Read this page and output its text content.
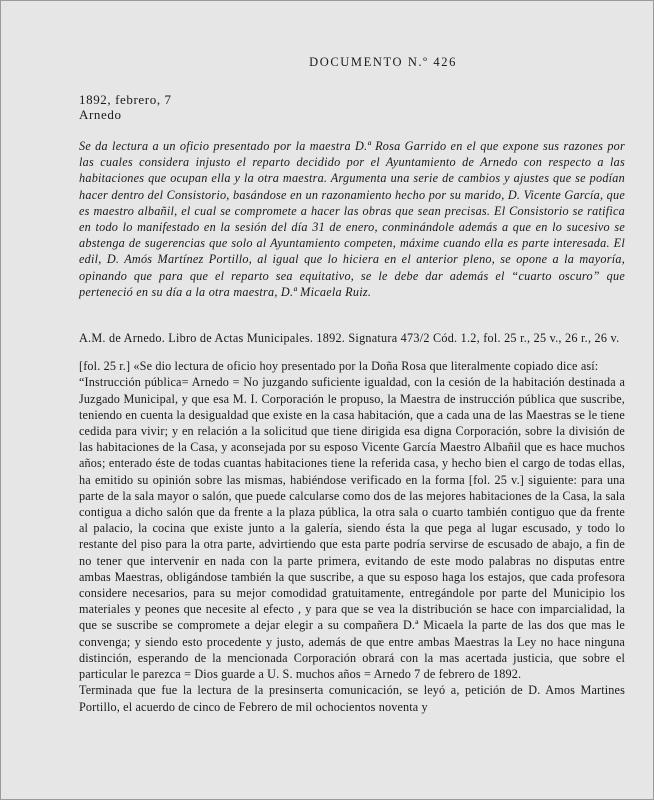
DOCUMENTO N.º 426

1892, febrero, 7

Arnedo

Se da lectura a un oficio presentado por la maestra D.ª Rosa Garrido en el que expone sus razones por las cuales considera injusto el reparto decidido por el Ayuntamiento de Arnedo con respecto a las habitaciones que ocupan ella y la otra maestra. Argumenta una serie de cambios y ajustes que se podían hacer dentro del Consistorio, basándose en un razonamiento hecho por su marido, D. Vicente García, que es maestro albañil, el cual se compromete a hacer las obras que sean precisas. El Consistorio se ratifica en todo lo manifestado en la sesión del día 31 de enero, conminándole además a que en lo sucesivo se abstenga de sugerencias que solo al Ayuntamiento competen, máxime cuando ella es parte interesada. El edil, D. Amós Martínez Portillo, al igual que lo hiciera en el anterior pleno, se opone a la mayoría, opinando que para que el reparto sea equitativo, se le debe dar además el “cuarto oscuro” que perteneció en su día a la otra maestra, D.ª Micaela Ruiz.

A.M. de Arnedo. Libro de Actas Municipales. 1892. Signatura 473/2 Cód. 1.2, fol. 25 r., 25 v., 26 r., 26 v.

[fol. 25 r.] «Se dio lectura de oficio hoy presentado por la Doña Rosa que literalmente copiado dice así:

“Instrucción pública= Arnedo = No juzgando suficiente igualdad, con la cesión de la habitación destinada a Juzgado Municipal, y que esa M. I. Corporación le propuso, la Maestra de instrucción pública que suscribe, teniendo en cuenta la desigualdad que existe en la casa habitación, que a cada una de las Maestras se le tiene cedida para vivir; y en relación a la solicitud que tiene dirigida esa digna Corporación, sobre la división de las habitaciones de la Casa, y aconsejada por su esposo Vicente García Maestro Albañil que es hace muchos años; enterado éste de todas cuantas habitaciones tiene la referida casa, y hecho bien el cargo de todas ellas, ha emitido su opinión sobre las mismas, habiéndose verificado en la forma [fol. 25 v.] siguiente: para una parte de la sala mayor o salón, que puede calcularse como dos de las mejores habitaciones de la Casa, la sala contigua a dicho salón que da frente a la plaza pública, la otra sala o cuarto también contiguo que da frente al palacio, la cocina que existe junto a la galería, siendo ésta la que pega al lugar escusado, y todo lo restante del piso para la otra parte, advirtiendo que esta parte podría servirse de escusado de abajo, a fin de no tener que intervenir en nada con la parte primera, evitando de este modo palabras no disputas entre ambas Maestras, obligándose también la que suscribe, a que su esposo haga los estajos, que cada profesora considere necesarios, para su mejor comodidad gratuitamente, entregándole por parte del Municipio los materiales y peones que necesite al efecto , y para que se vea la distribución se hace con imparcialidad, la que se suscribe se compromete a dejar elegir a su compañera D.ª Micaela la parte de las dos que mas le convenga; y siendo esto procedente y justo, además de que entre ambas Maestras la Ley no hace ninguna distinción, esperando de la mencionada Corporación obrará con la mas acertada justicia, que sobre el particular le parezca = Dios guarde a U. S. muchos años = Arnedo 7 de febrero de 1892.

Terminada que fue la lectura de la presinserta comunicación, se leyó a, petición de D. Amos Martines Portillo, el acuerdo de cinco de Febrero de mil ochocientos noventa y
